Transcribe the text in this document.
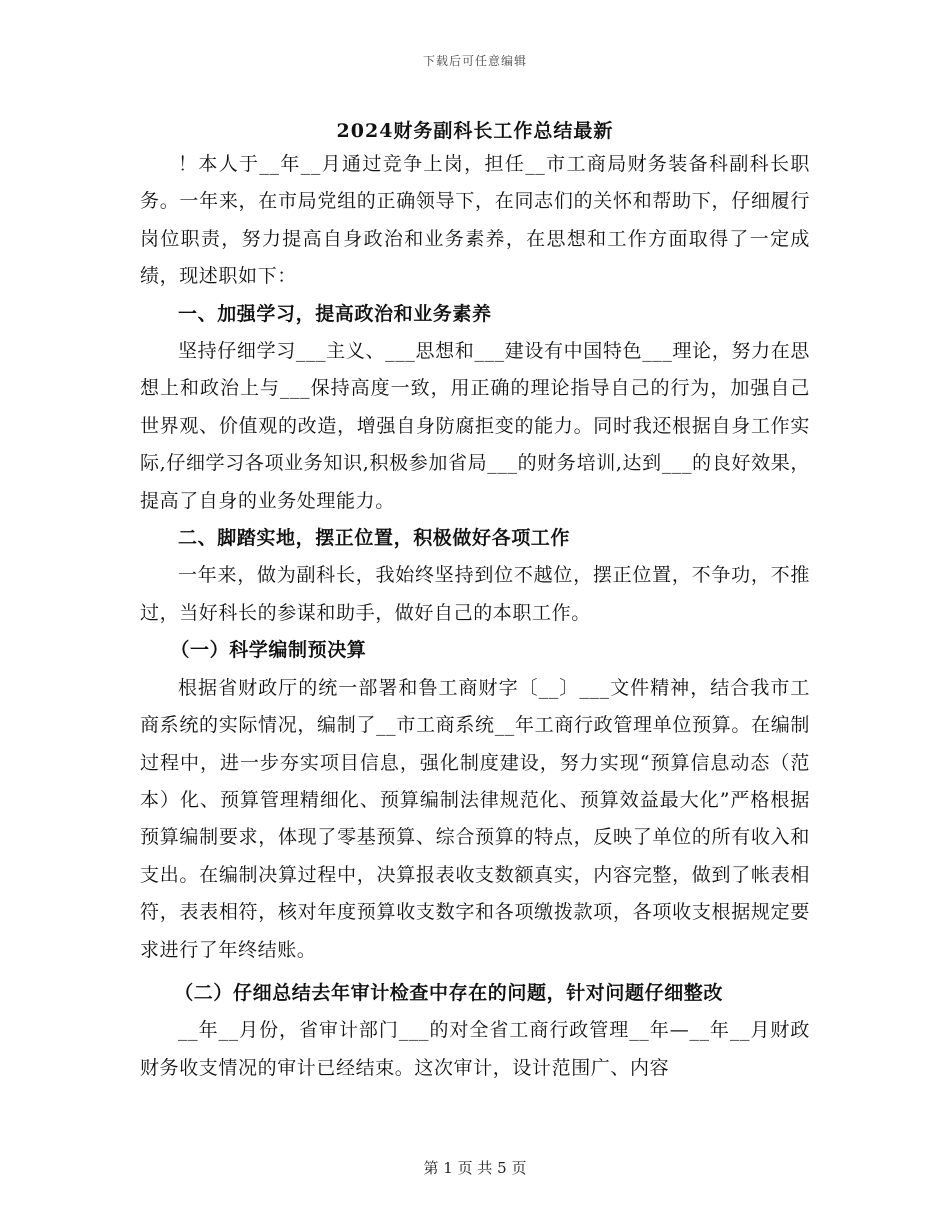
下载后可任意编辑
2024财务副科长工作总结最新

！本人于__年__月通过竞争上岗，担任__市工商局财务装备科副科长职务。一年来，在市局党组的正确领导下，在同志们的关怀和帮助下，仔细履行岗位职责，努力提高自身政治和业务素养，在思想和工作方面取得了一定成绩，现述职如下：

一、加强学习，提高政治和业务素养

坚持仔细学习___主义、___思想和___建设有中国特色___理论，努力在思想上和政治上与___保持高度一致，用正确的理论指导自己的行为，加强自己世界观、价值观的改造，增强自身防腐拒变的能力。同时我还根据自身工作实际,仔细学习各项业务知识,积极参加省局___的财务培训,达到___的良好效果，提高了自身的业务处理能力。

二、脚踏实地，摆正位置，积极做好各项工作

一年来，做为副科长，我始终坚持到位不越位，摆正位置，不争功，不推过，当好科长的参谋和助手，做好自己的本职工作。

（一）科学编制预决算

根据省财政厅的统一部署和鲁工商财字〔__〕___文件精神，结合我市工商系统的实际情况，编制了__市工商系统__年工商行政管理单位预算。在编制过程中，进一步夯实项目信息，强化制度建设，努力实现“预算信息动态（范本）化、预算管理精细化、预算编制法律规范化、预算效益最大化”严格根据预算编制要求，体现了零基预算、综合预算的特点，反映了单位的所有收入和支出。在编制决算过程中，决算报表收支数额真实，内容完整，做到了帐表相符，表表相符，核对年度预算收支数字和各项缴拨款项，各项收支根据规定要求进行了年终结账。

（二）仔细总结去年审计检查中存在的问题，针对问题仔细整改

__年__月份，省审计部门___的对全省工商行政管理__年—__年__月财政财务收支情况的审计已经结束。这次审计，设计范围广、内容

第 1 页 共 5 页
